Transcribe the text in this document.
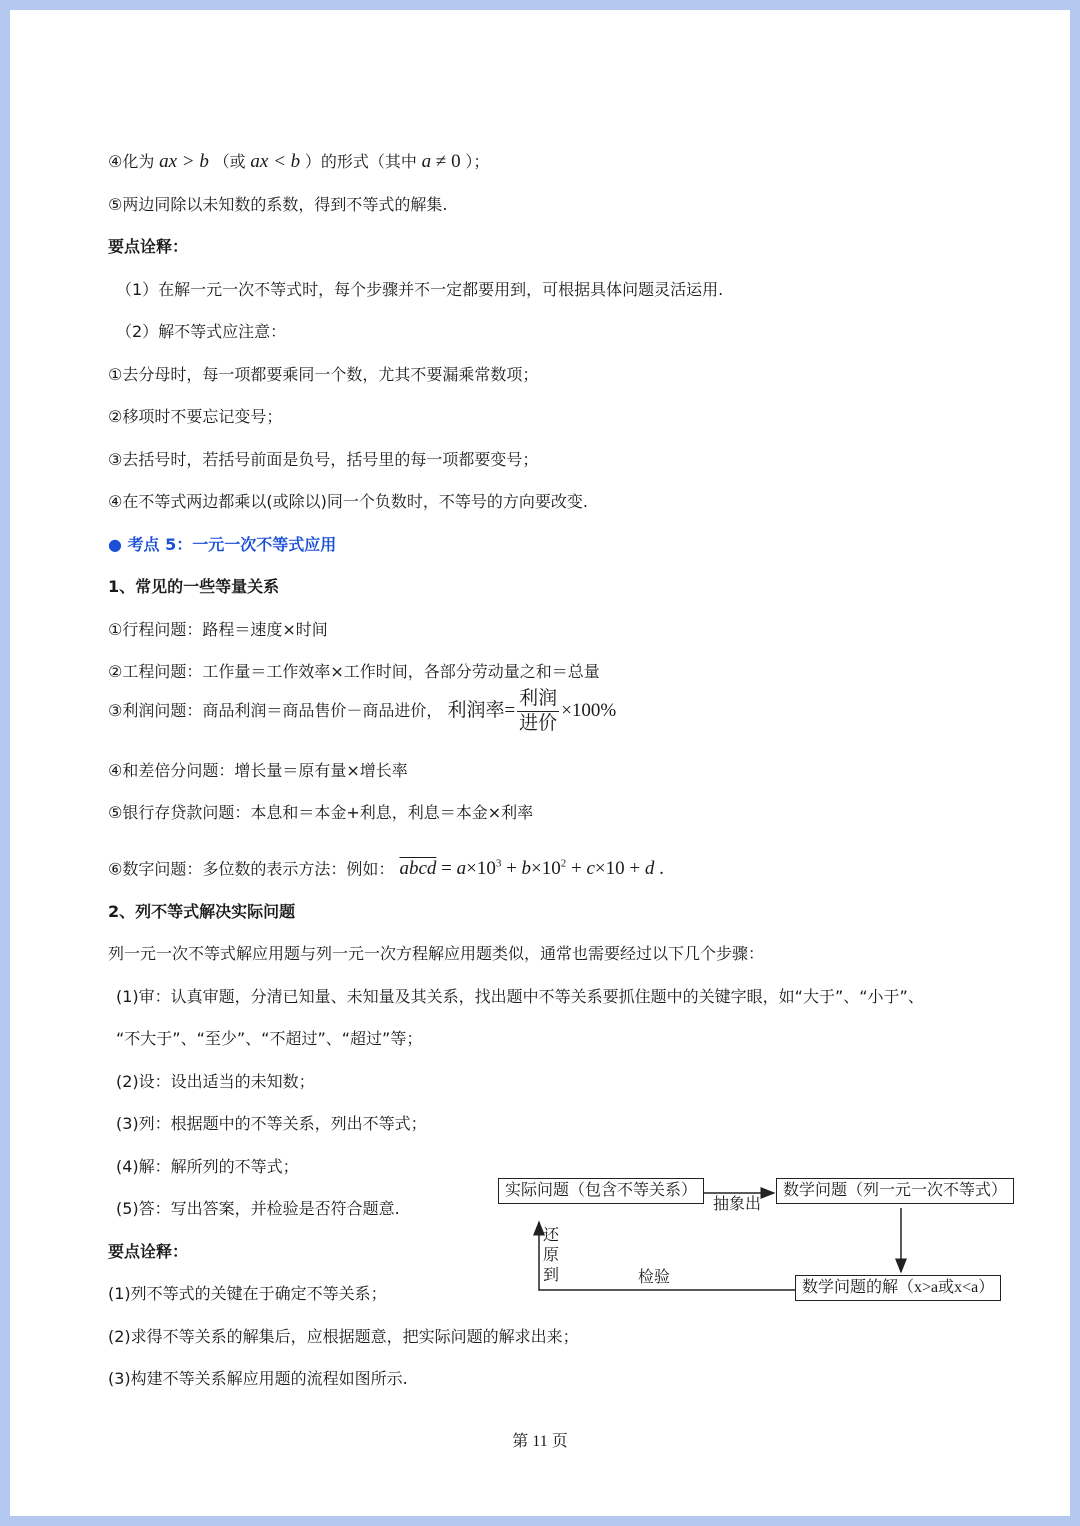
④化为 ax > b （或 ax < b ）的形式（其中 a ≠ 0 ）；
⑤两边同除以未知数的系数，得到不等式的解集.
要点诠释：
（1）在解一元一次不等式时，每个步骤并不一定都要用到，可根据具体问题灵活运用.
（2）解不等式应注意：
①去分母时，每一项都要乘同一个数，尤其不要漏乘常数项；
②移项时不要忘记变号；
③去括号时，若括号前面是负号，括号里的每一项都要变号；
④在不等式两边都乘以(或除以)同一个负数时，不等号的方向要改变.
● 考点 5：一元一次不等式应用
1、常见的一些等量关系
①行程问题：路程＝速度×时间
②工程问题：工作量＝工作效率×工作时间，各部分劳动量之和＝总量
③利润问题：商品利润＝商品售价－商品进价， 利润率= $\frac{\text{利润}}{\text{进价}} \times 100\%$
④和差倍分问题：增长量＝原有量×增长率
⑤银行存贷款问题：本息和＝本金+利息，利息＝本金×利率
⑥数字问题：多位数的表示方法：例如： abcd = $a\times 10^3 + b\times 10^2 + c\times 10 + d$ .
2、列不等式解决实际问题
列一元一次不等式解应用题与列一元一次方程解应用题类似，通常也需要经过以下几个步骤：
(1)审：认真审题，分清已知量、未知量及其关系，找出题中不等关系要抓住题中的关键字眼，如“大于”、“小于”、
“不大于”、“至少”、“不超过”、“超过”等；
(2)设：设出适当的未知数；
(3)列：根据题中的不等关系，列出不等式；
(4)解：解所列的不等式；
(5)答：写出答案，并检验是否符合题意.
要点诠释：
(1)列不等式的关键在于确定不等关系；
(2)求得不等关系的解集后，应根据题意，把实际问题的解求出来；
(3)构建不等关系解应用题的流程如图所示.
实际问题（包含不等关系）	数学问题（列一元一次不等式）
数学问题的解（x>a或x<a）
抽象出
还原到	检验
第 11 页
